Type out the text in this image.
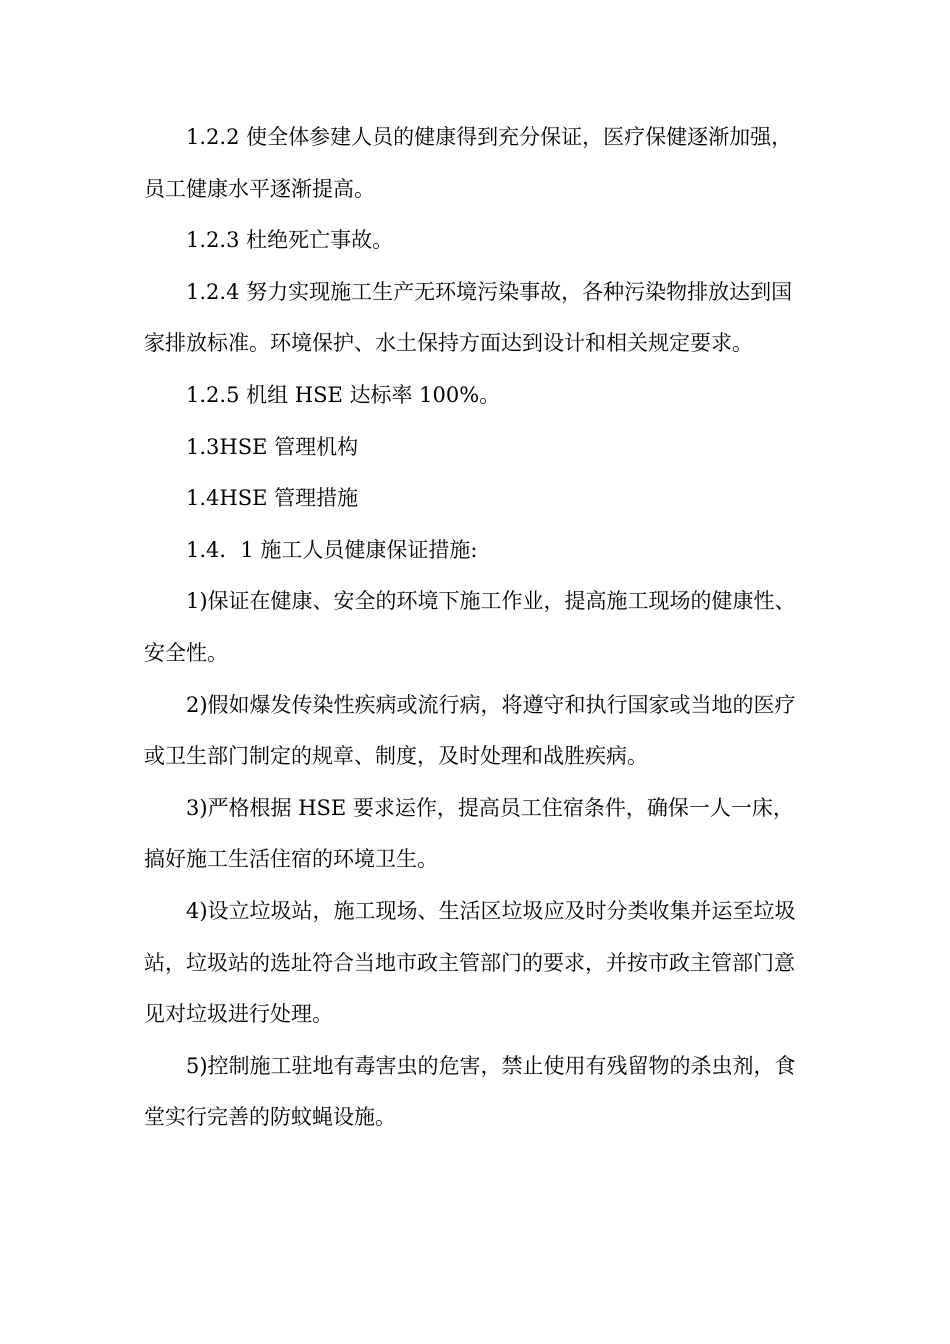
1.2.2 使全体参建人员的健康得到充分保证，医疗保健逐渐加强，员工健康水平逐渐提高。

1.2.3 杜绝死亡事故。

1.2.4 努力实现施工生产无环境污染事故，各种污染物排放达到国家排放标准。环境保护、水土保持方面达到设计和相关规定要求。

1.2.5 机组 HSE 达标率 100%。

1.3HSE 管理机构

1.4HSE 管理措施

1.4．1 施工人员健康保证措施:

1)保证在健康、安全的环境下施工作业，提高施工现场的健康性、安全性。

2)假如爆发传染性疾病或流行病，将遵守和执行国家或当地的医疗或卫生部门制定的规章、制度，及时处理和战胜疾病。

3)严格根据 HSE 要求运作，提高员工住宿条件，确保一人一床，搞好施工生活住宿的环境卫生。

4)设立垃圾站，施工现场、生活区垃圾应及时分类收集并运至垃圾站，垃圾站的选址符合当地市政主管部门的要求，并按市政主管部门意见对垃圾进行处理。

5)控制施工驻地有毒害虫的危害，禁止使用有残留物的杀虫剂，食堂实行完善的防蚊蝇设施。
